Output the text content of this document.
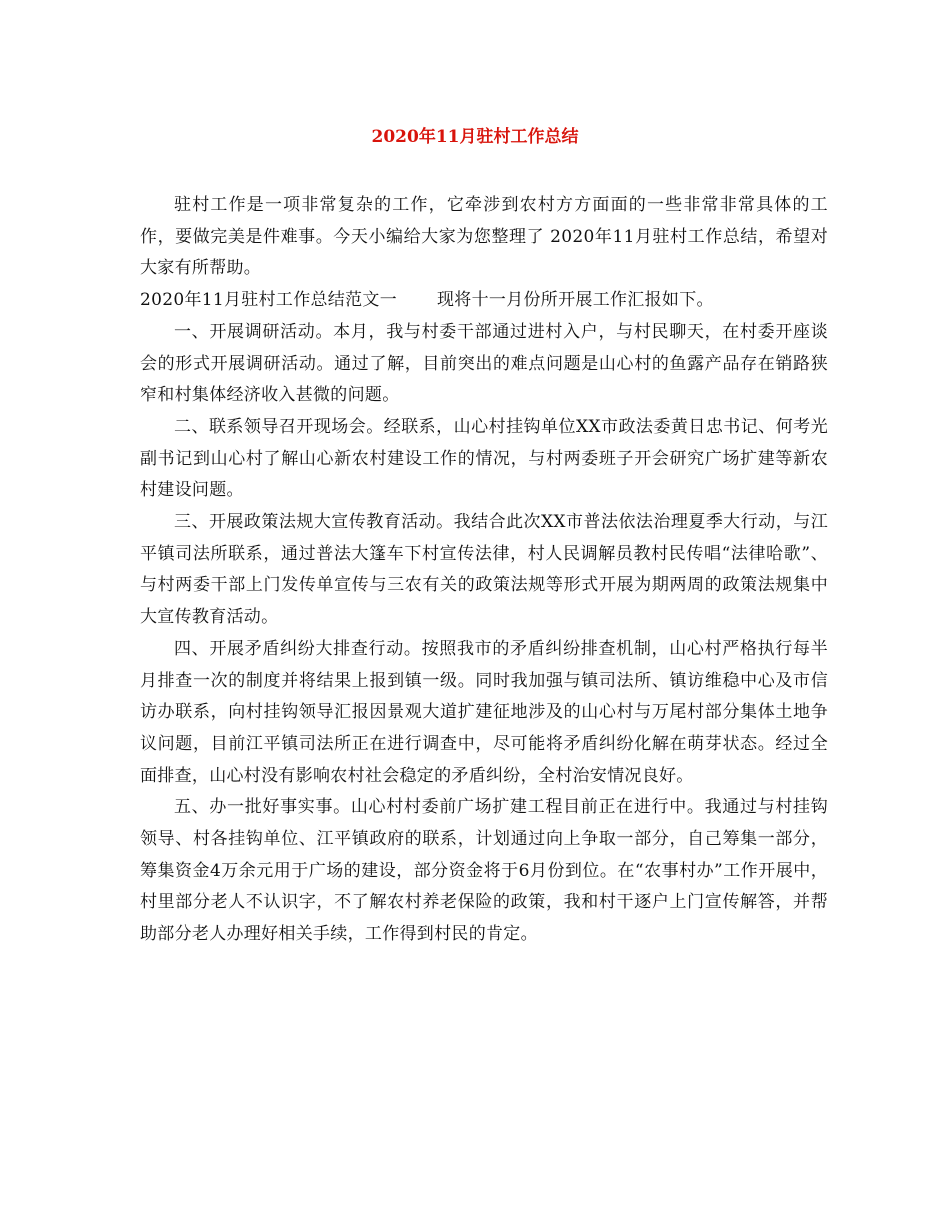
2020年11月驻村工作总结

驻村工作是一项非常复杂的工作，它牵涉到农村方方面面的一些非常非常具体的工作，要做完美是件难事。今天小编给大家为您整理了 2020年11月驻村工作总结，希望对大家有所帮助。

2020年11月驻村工作总结范文一 现将十一月份所开展工作汇报如下。

一、开展调研活动。本月，我与村委干部通过进村入户，与村民聊天，在村委开座谈会的形式开展调研活动。通过了解，目前突出的难点问题是山心村的鱼露产品存在销路狭窄和村集体经济收入甚微的问题。

二、联系领导召开现场会。经联系，山心村挂钩单位XX市政法委黄日忠书记、何考光副书记到山心村了解山心新农村建设工作的情况，与村两委班子开会研究广场扩建等新农村建设问题。

三、开展政策法规大宣传教育活动。我结合此次XX市普法依法治理夏季大行动，与江平镇司法所联系，通过普法大篷车下村宣传法律，村人民调解员教村民传唱“法律哈歌”、与村两委干部上门发传单宣传与三农有关的政策法规等形式开展为期两周的政策法规集中大宣传教育活动。

四、开展矛盾纠纷大排查行动。按照我市的矛盾纠纷排查机制，山心村严格执行每半月排查一次的制度并将结果上报到镇一级。同时我加强与镇司法所、镇访维稳中心及市信访办联系，向村挂钩领导汇报因景观大道扩建征地涉及的山心村与万尾村部分集体土地争议问题，目前江平镇司法所正在进行调查中，尽可能将矛盾纠纷化解在萌芽状态。经过全面排查，山心村没有影响农村社会稳定的矛盾纠纷，全村治安情况良好。

五、办一批好事实事。山心村村委前广场扩建工程目前正在进行中。我通过与村挂钩领导、村各挂钩单位、江平镇政府的联系，计划通过向上争取一部分，自己筹集一部分，筹集资金4万余元用于广场的建设，部分资金将于6月份到位。在“农事村办”工作开展中，村里部分老人不认识字，不了解农村养老保险的政策，我和村干逐户上门宣传解答，并帮助部分老人办理好相关手续，工作得到村民的肯定。
